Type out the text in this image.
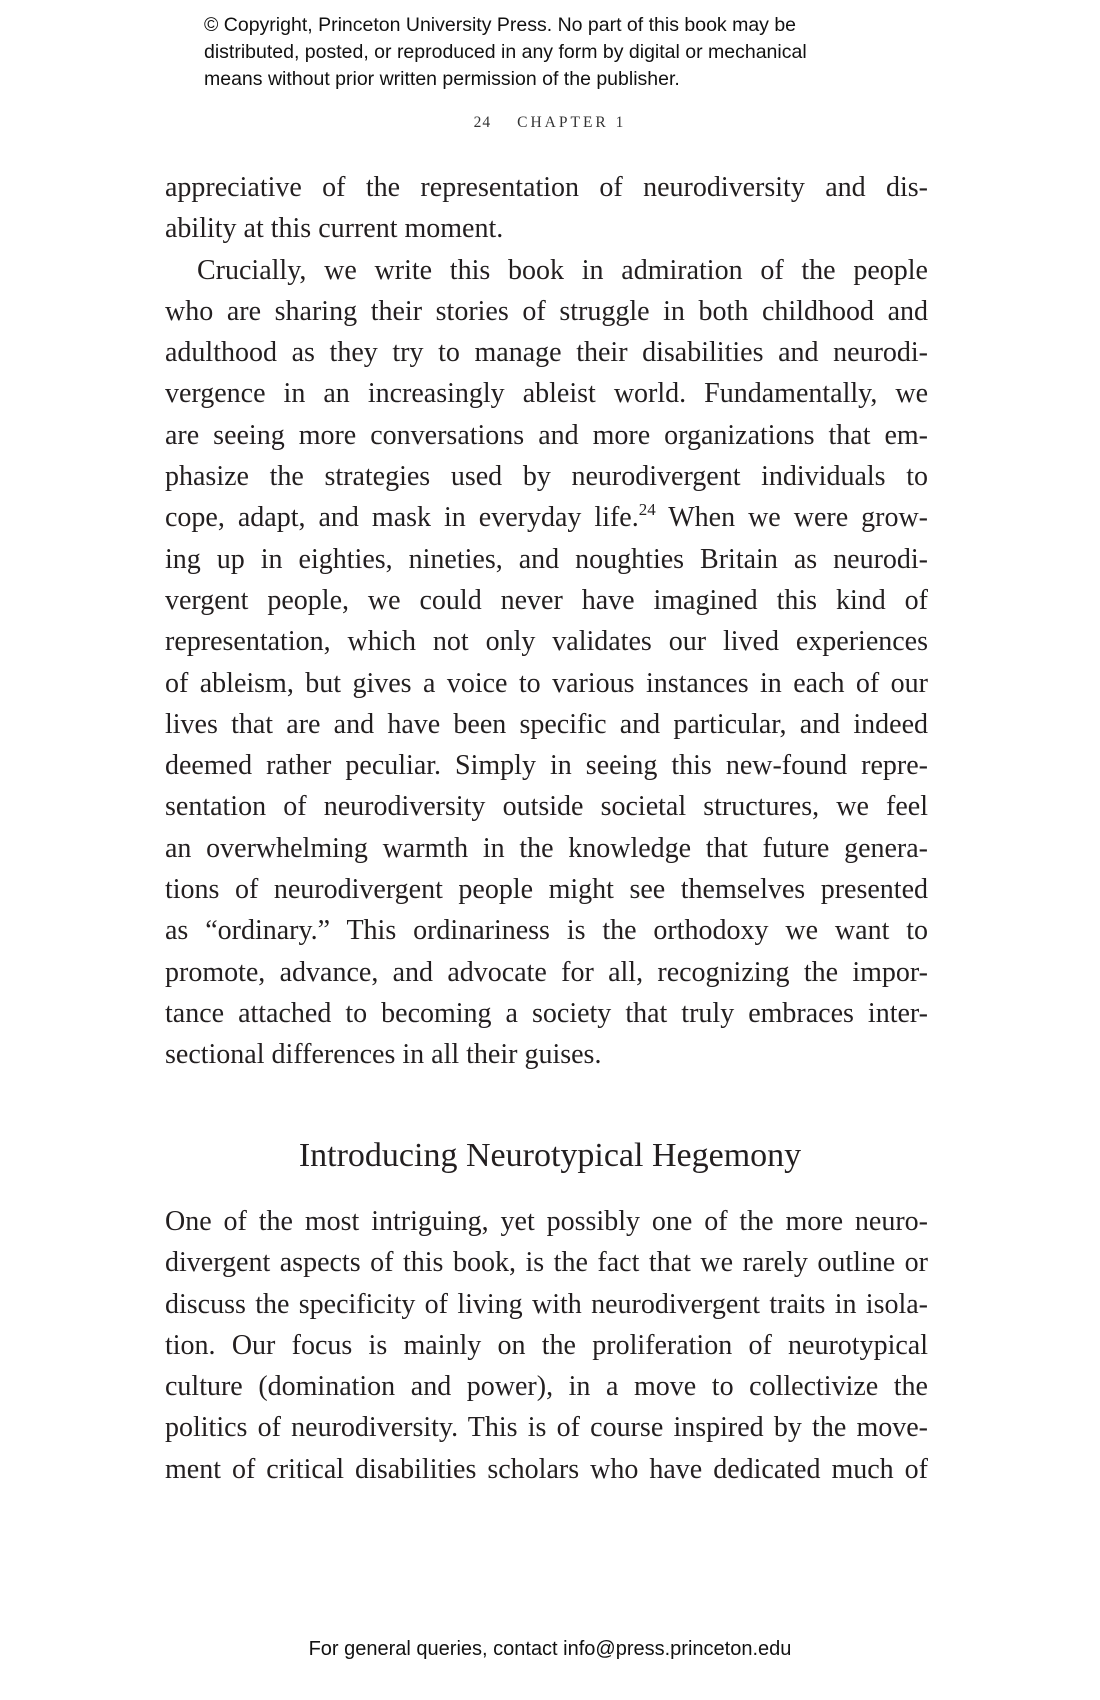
© Copyright, Princeton University Press. No part of this book may be
distributed, posted, or reproduced in any form by digital or mechanical
means without prior written permission of the publisher.
24 CHAPTER 1
appreciative of the representation of neurodiversity and dis-
ability at this current moment.
Crucially, we write this book in admiration of the people
who are sharing their stories of struggle in both childhood and
adulthood as they try to manage their disabilities and neurodi-
vergence in an increasingly ableist world. Fundamentally, we
are seeing more conversations and more organizations that em-
phasize the strategies used by neurodivergent individuals to
cope, adapt, and mask in everyday life.$^{24}$ When we were grow-
ing up in eighties, nineties, and noughties Britain as neurodi-
vergent people, we could never have imagined this kind of
representation, which not only validates our lived experiences
of ableism, but gives a voice to various instances in each of our
lives that are and have been specific and particular, and indeed
deemed rather peculiar. Simply in seeing this new-found repre-
sentation of neurodiversity outside societal structures, we feel
an overwhelming warmth in the knowledge that future genera-
tions of neurodivergent people might see themselves presented
as “ordinary.” This ordinariness is the orthodoxy we want to
promote, advance, and advocate for all, recognizing the impor-
tance attached to becoming a society that truly embraces inter-
sectional differences in all their guises.
Introducing Neurotypical Hegemony
One of the most intriguing, yet possibly one of the more neuro-
divergent aspects of this book, is the fact that we rarely outline or
discuss the specificity of living with neurodivergent traits in isola-
tion. Our focus is mainly on the proliferation of neurotypical
culture (domination and power), in a move to collectivize the
politics of neurodiversity. This is of course inspired by the move-
ment of critical disabilities scholars who have dedicated much of
For general queries, contact info@press.princeton.edu
